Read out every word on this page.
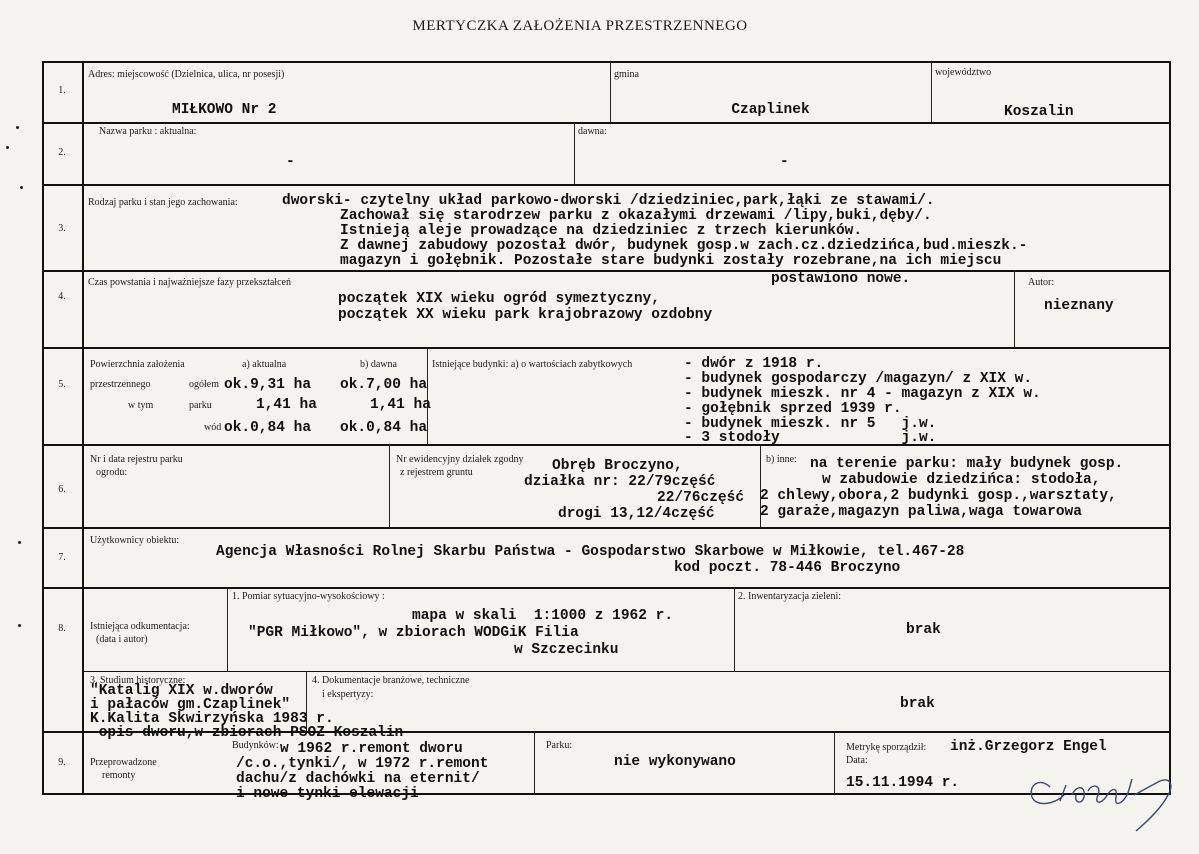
MERTYCZKA ZAŁOŻENIA PRZESTRZENNEGO
1.
Adres: miejscowość (Dzielnica, ulica, nr posesji)
MIŁKOWO Nr 2
gmina
Czaplinek
województwo
Koszalin
2.
Nazwa parku : aktualna:
-
dawna:
-
3.
Rodzaj parku i stan jego zachowania:	dworski- czytelny układ parkowo-dworski /dziedziniec,park,łąki ze stawami/.
Zachował się starodrzew parku z okazałymi drzewami /lipy,buki,dęby/.
Istnieją aleje prowadzące na dziedziniec z trzech kierunków.
Z dawnej zabudowy pozostał dwór, budynek gosp.w zach.cz.dziedzińca,bud.mieszk.-
magazyn i gołębnik. Pozostałe stare budynki zostały rozebrane,na ich miejscu
4.
Czas powstania i najważniejsze fazy przekształceń	postawiono nowe.
początek XIX wieku ogród symeztyczny,
początek XX wieku park krajobrazowy ozdobny
Autor:
nieznany
5.
Powierzchnia założenia
przestrzennego
a) aktualna	b) dawna
ogółem ok.9,31 ha ok.7,00 ha
w tym	parku	1,41 ha	1,41 ha
wód ok.0,84 ha ok.0,84 ha
Istniejące budynki: a) o wartościach zabytkowych	- dwór z 1918 r.
- budynek gospodarczy /magazyn/ z XIX w.
- budynek mieszk. nr 4 - magazyn z XIX w.
- gołębnik sprzed 1939 r.
- budynek mieszk. nr 5   j.w.
- 3 stodoły              j.w.
6.
Nr i data rejestru parku
ogrodu:
Nr ewidencyjny działek zgodny
z rejestrem gruntu	Obręb Broczyno,
działka nr: 22/79część
22/76część
drogi 13,12/4część
b) inne: na terenie parku: mały budynek gosp.
w zabudowie dziedzińca: stodoła,
2 chlewy,obora,2 budynki gosp.,warsztaty,
2 garaże,magazyn paliwa,waga towarowa
7.
Użytkownicy obiektu:
Agencja Własności Rolnej Skarbu Państwa - Gospodarstwo Skarbowe w Miłkowie, tel.467-28
kod poczt. 78-446 Broczyno
8.	Istniejąca odkumentacja:
(data i autor)
1. Pomiar sytuacyjno-wysokościowy :
mapa w skali  1:1000 z 1962 r.
"PGR Miłkowo", w zbiorach WODGiK Filia
w Szczecinku
2. Inwentaryzacja zieleni:
brak
3. Studium historyczne:
"Katalig XIX w.dworów
i pałaców gm.Czaplinek"
K.Kalita Skwirzyńska 1983 r.
-opis dworu,w zbiorach PSOZ Koszalin
4. Dokumentacje branżowe, techniczne
i ekspertyzy:
brak
9.	Przeprowadzone
remonty
Budynków: w 1962 r.remont dworu
/c.o.,tynki/, w 1972 r.remont
dachu/z dachówki na eternit/
i nowe tynki elewacji
Parku:
nie wykonywano
Metrykę sporządził: inż.Grzegorz Engel
Data:
15.11.1994 r.
